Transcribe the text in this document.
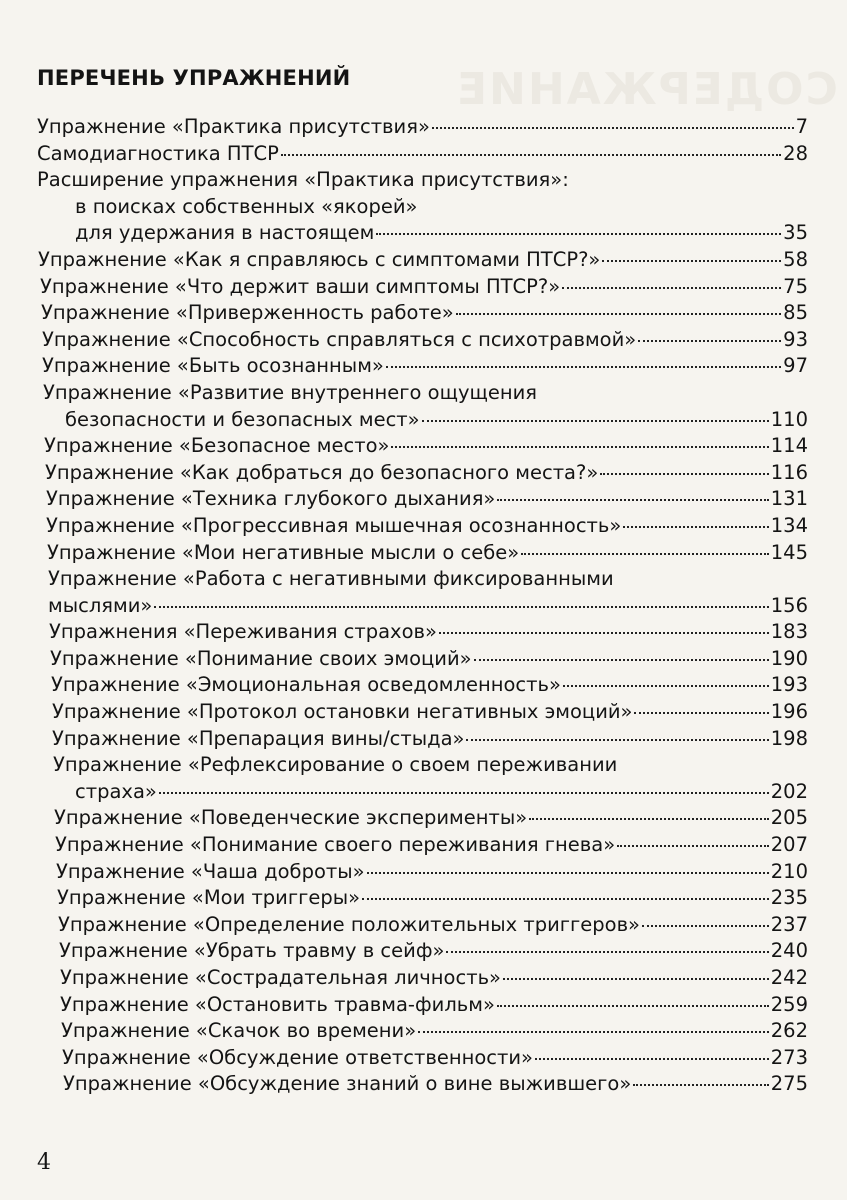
СОДЕРЖАНИЕ
ПЕРЕЧЕНЬ УПРАЖНЕНИЙ
Упражнение «Практика присутствия»	7
Самодиагностика ПТСР	28
Расширение упражнения «Практика присутствия»:
в поисках собственных «якорей»
для удержания в настоящем	35
Упражнение «Как я справляюсь с симптомами ПТСР?»	58
Упражнение «Что держит ваши симптомы ПТСР?»	75
Упражнение «Приверженность работе»	85
Упражнение «Способность справляться с психотравмой»	93
Упражнение «Быть осознанным»	97
Упражнение «Развитие внутреннего ощущения
безопасности и безопасных мест»	110
Упражнение «Безопасное место»	114
Упражнение «Как добраться до безопасного места?»	116
Упражнение «Техника глубокого дыхания»	131
Упражнение «Прогрессивная мышечная осознанность»	134
Упражнение «Мои негативные мысли о себе»	145
Упражнение «Работа с негативными фиксированными
мыслями»	156
Упражнения «Переживания страхов»	183
Упражнение «Понимание своих эмоций»	190
Упражнение «Эмоциональная осведомленность»	193
Упражнение «Протокол остановки негативных эмоций»	196
Упражнение «Препарация вины/стыда»	198
Упражнение «Рефлексирование о своем переживании
страха»	202
Упражнение «Поведенческие эксперименты»	205
Упражнение «Понимание своего переживания гнева»	207
Упражнение «Чаша доброты»	210
Упражнение «Мои триггеры»	235
Упражнение «Определение положительных триггеров»	237
Упражнение «Убрать травму в сейф»	240
Упражнение «Сострадательная личность»	242
Упражнение «Остановить травма-фильм»	259
Упражнение «Скачок во времени»	262
Упражнение «Обсуждение ответственности»	273
Упражнение «Обсуждение знаний о вине выжившего»	275
4
